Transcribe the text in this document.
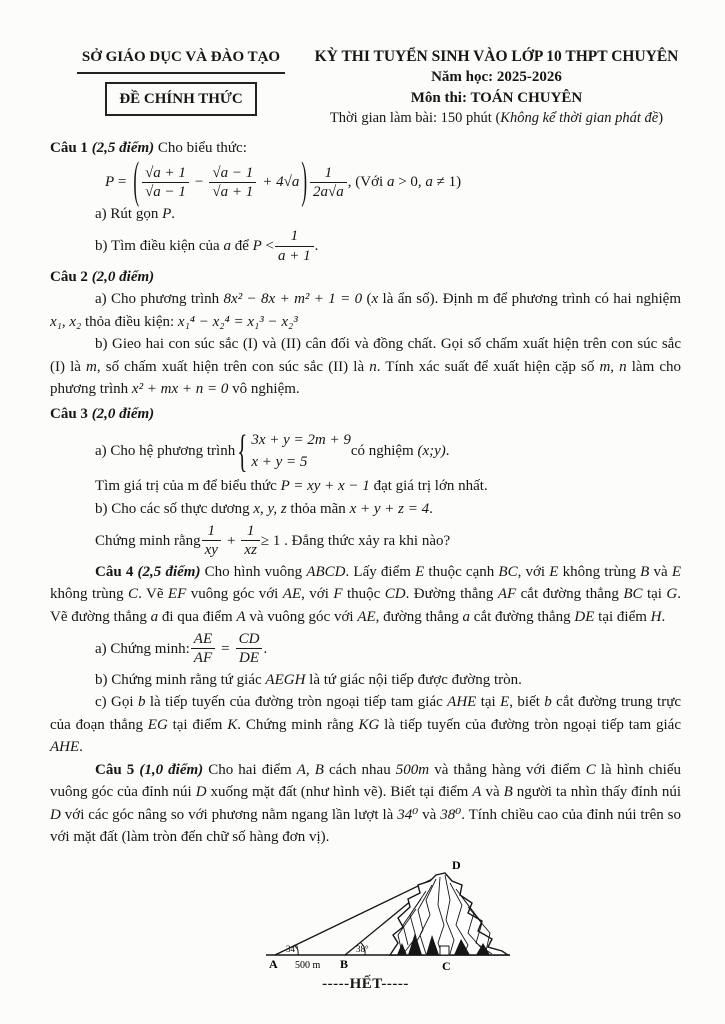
SỞ GIÁO DỤC VÀ ĐÀO TẠO
ĐỀ CHÍNH THỨC
KỲ THI TUYỂN SINH VÀO LỚP 10 THPT CHUYÊN
Năm học: 2025-2026
Môn thi: TOÁN CHUYÊN
Thời gian làm bài: 150 phút (Không kể thời gian phát đề)

Câu 1 (2,5 điểm) Cho biểu thức:

P = ( $\frac{√a + 1}{√a - 1} - \frac{√a - 1}{√a + 1} + 4√a$ ) $\frac{1}{2a√a}$ , (Với a > 0, a ≠ 1)

a) Rút gọn P.

b) Tìm điều kiện của a để $P < \frac{1}{a + 1}$ .

Câu 2 (2,0 điểm)

a) Cho phương trình 8x² − 8x + m² + 1 = 0 (x là ẩn số). Định m để phương trình có hai nghiệm x₁, x₂ thỏa điều kiện: x₁⁴ − x₂⁴ = x₁³ − x₂³

b) Gieo hai con súc sắc (I) và (II) cân đối và đồng chất. Gọi số chấm xuất hiện trên con súc sắc (I) là m, số chấm xuất hiện trên con súc sắc (II) là n. Tính xác suất để xuất hiện cặp số m, n làm cho phương trình x² + mx + n = 0 vô nghiệm.

Câu 3 (2,0 điểm)

a) Cho hệ phương trình { 3x + y = 2m + 9
x + y = 5
có nghiệm (x;y).

Tìm giá trị của m để biểu thức P = xy + x − 1 đạt giá trị lớn nhất.

b) Cho các số thực dương x, y, z thỏa mãn x + y + z = 4.

Chứng minh rằng $\frac{1}{xy} + \frac{1}{xz} \ge 1$ . Đẳng thức xảy ra khi nào?

Câu 4 (2,5 điểm) Cho hình vuông ABCD. Lấy điểm E thuộc cạnh BC, với E không trùng B và E không trùng C. Vẽ EF vuông góc với AE, với F thuộc CD. Đường thẳng AF cắt đường thẳng BC tại G. Vẽ đường thẳng a đi qua điểm A và vuông góc với AE, đường thẳng a cắt đường thẳng DE tại điểm H.

a) Chứng minh: $\frac{AE}{AF} = \frac{CD}{DE}$ .

b) Chứng minh rằng tứ giác AEGH là tứ giác nội tiếp được đường tròn.

c) Gọi b là tiếp tuyến của đường tròn ngoại tiếp tam giác AHE tại E, biết b cắt đường trung trực của đoạn thẳng EG tại điểm K. Chứng minh rằng KG là tiếp tuyến của đường tròn ngoại tiếp tam giác AHE.

Câu 5 (1,0 điểm) Cho hai điểm A, B cách nhau 500m và thẳng hàng với điểm C là hình chiếu vuông góc của đỉnh núi D xuống mặt đất (như hình vẽ). Biết tại điểm A và B người ta nhìn thấy đỉnh núi D với các góc nâng so với phương nằm ngang lần lượt là 34⁰ và 38⁰. Tính chiều cao của đỉnh núi trên so với mặt đất (làm tròn đến chữ số hàng đơn vị).

34°	38°
A	B	C
D
500 m
-----HẾT-----
